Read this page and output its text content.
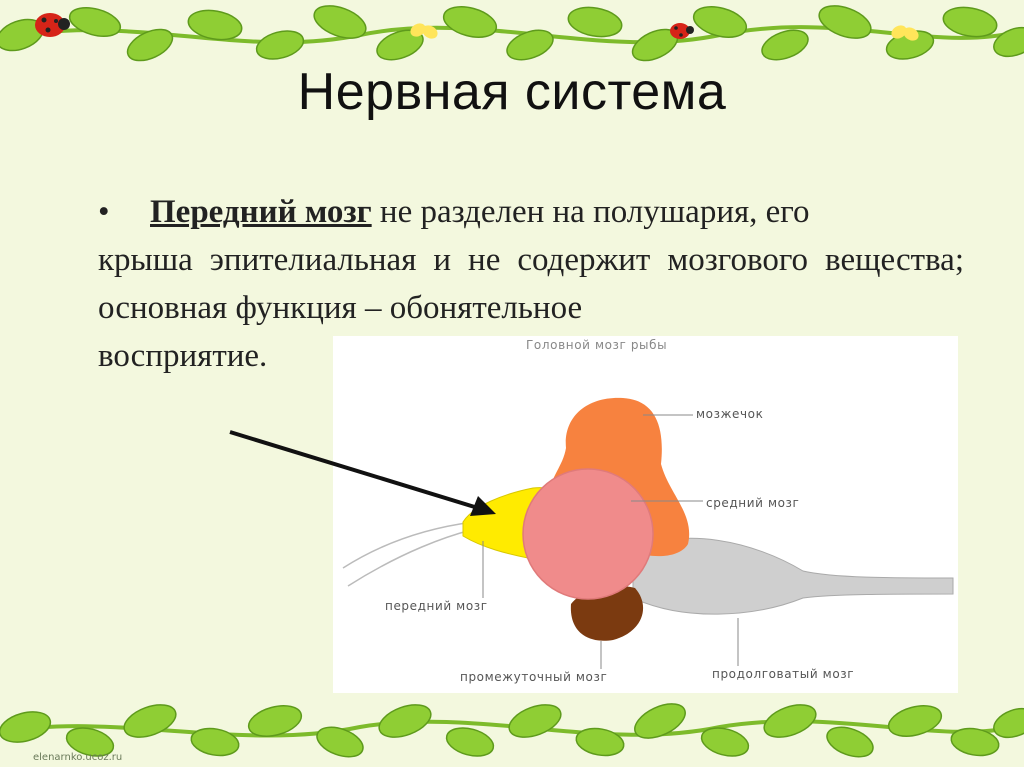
Нервная система
• Передний мозг не разделен на полушария, его
крыша эпителиальная и не содержит мозгового вещества; основная функция – обонятельное
восприятие.	Головной мозг рыбы
мозжечок
средний мозг
передний мозг
промежуточный мозг	продолговатый мозг
elenarnko.ucoz.ru
